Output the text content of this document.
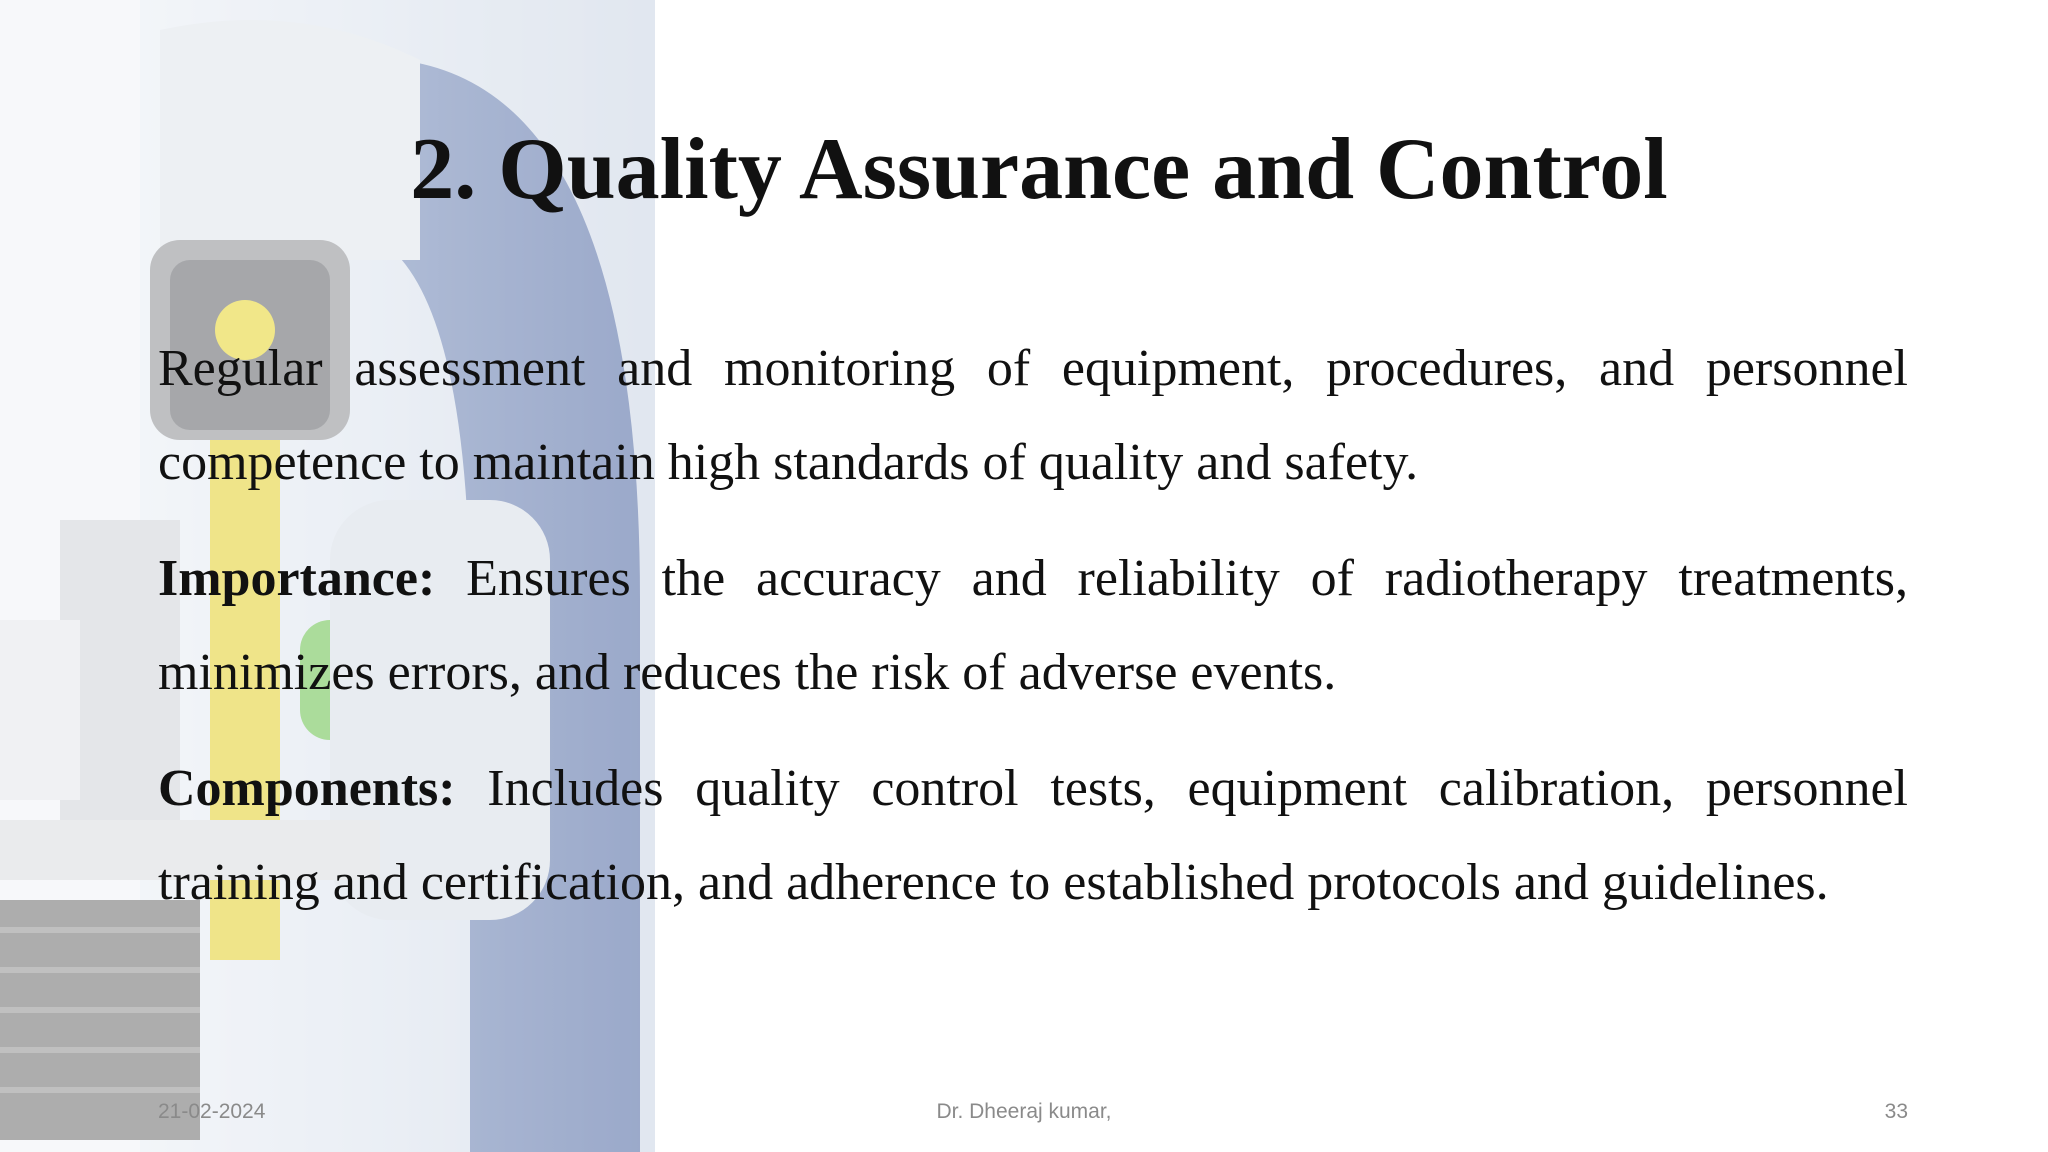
2. Quality Assurance and Control

Regular assessment and monitoring of equipment, procedures, and personnel competence to maintain high standards of quality and safety.

Importance: Ensures the accuracy and reliability of radiotherapy treatments, minimizes errors, and reduces the risk of adverse events.

Components: Includes quality control tests, equipment calibration, personnel training and certification, and adherence to established protocols and guidelines.

21-02-2024	Dr. Dheeraj kumar,	33
